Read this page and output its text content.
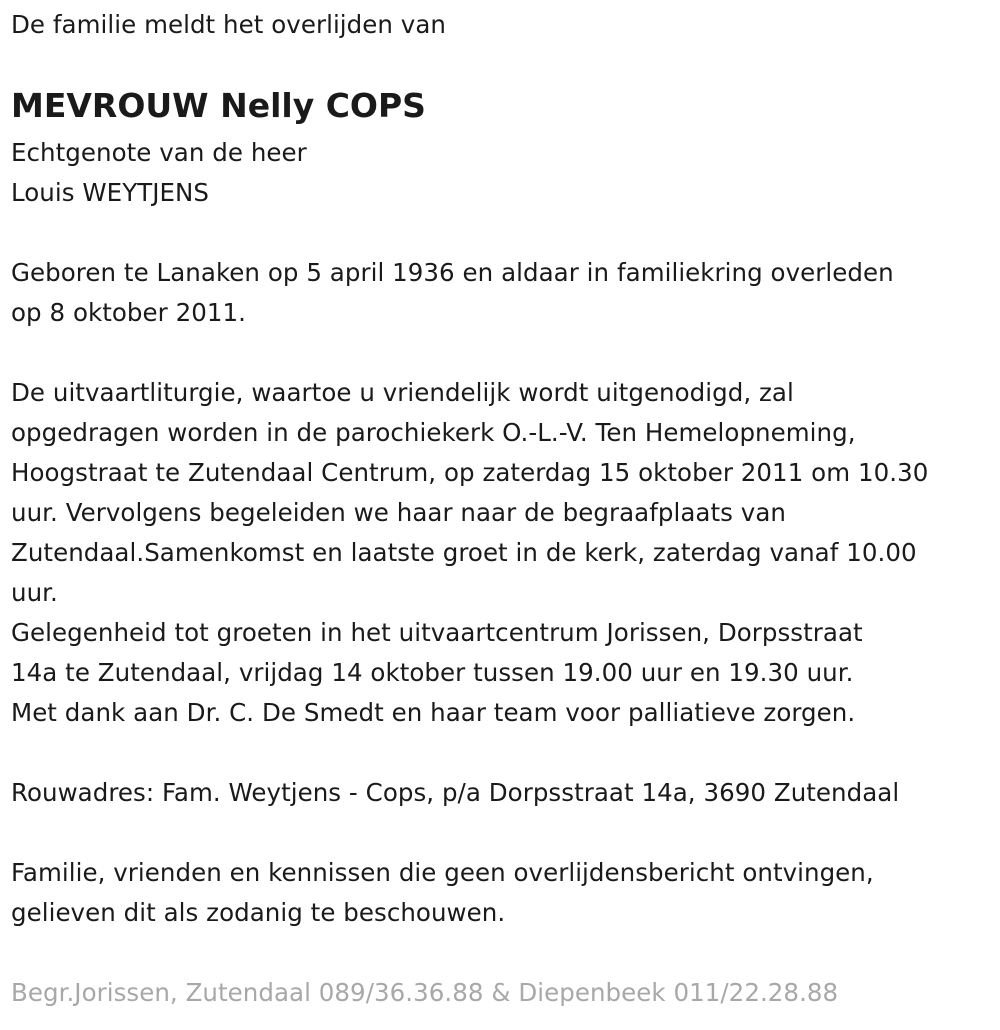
De familie meldt het overlijden van
MEVROUW Nelly COPS
Echtgenote van de heer
Louis WEYTJENS
Geboren te Lanaken op 5 april 1936 en aldaar in familiekring overleden
op 8 oktober 2011.
De uitvaartliturgie, waartoe u vriendelijk wordt uitgenodigd, zal
opgedragen worden in de parochiekerk O.-L.-V. Ten Hemelopneming,
Hoogstraat te Zutendaal Centrum, op zaterdag 15 oktober 2011 om 10.30
uur. Vervolgens begeleiden we haar naar de begraafplaats van
Zutendaal.Samenkomst en laatste groet in de kerk, zaterdag vanaf 10.00
uur.
Gelegenheid tot groeten in het uitvaartcentrum Jorissen, Dorpsstraat
14a te Zutendaal, vrijdag 14 oktober tussen 19.00 uur en 19.30 uur.
Met dank aan Dr. C. De Smedt en haar team voor palliatieve zorgen.
Rouwadres: Fam. Weytjens - Cops, p/a Dorpsstraat 14a, 3690 Zutendaal
Familie, vrienden en kennissen die geen overlijdensbericht ontvingen,
gelieven dit als zodanig te beschouwen.
Begr.Jorissen, Zutendaal 089/36.36.88 & Diepenbeek 011/22.28.88
